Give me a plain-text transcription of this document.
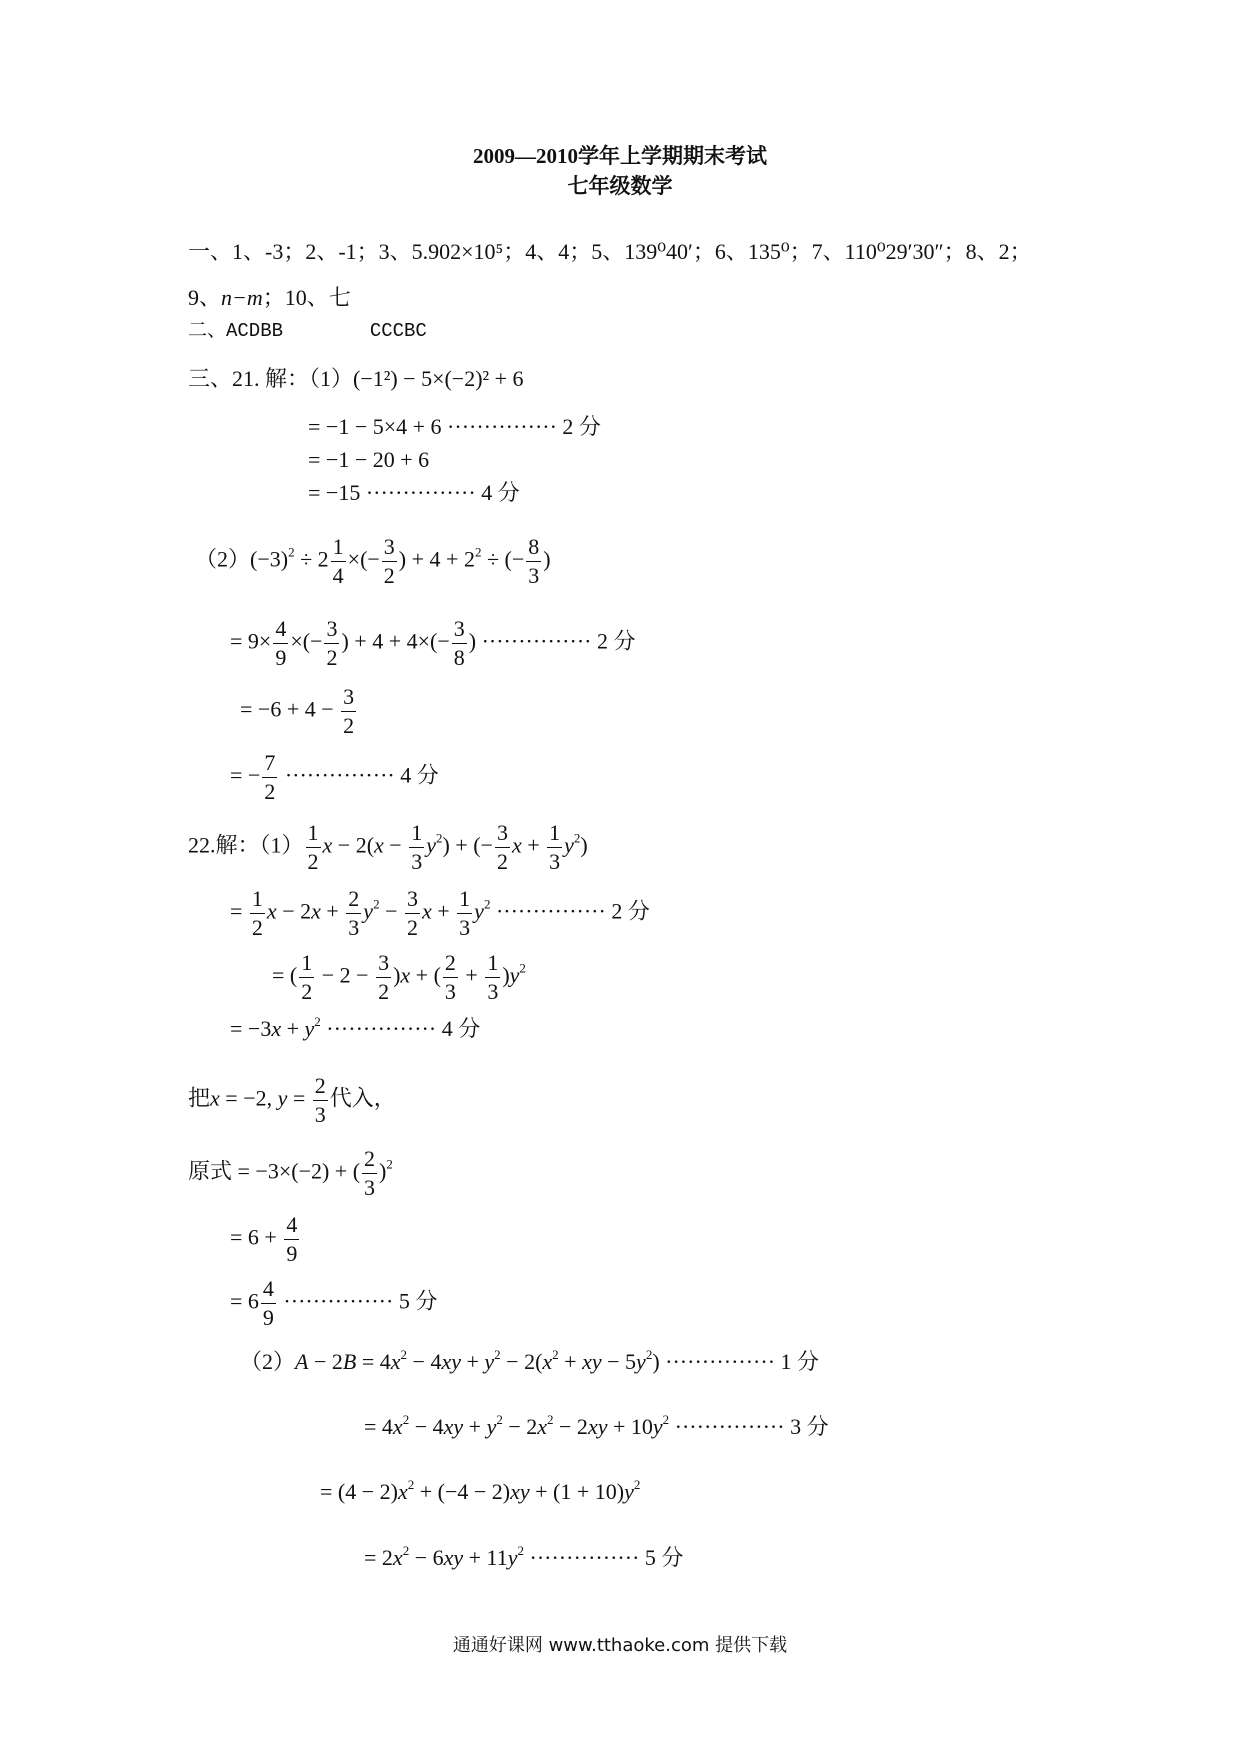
2009—2010学年上学期期末考试
七年级数学
一、1、-3；2、-1；3、5.902×10⁵；4、4；5、139⁰40′；6、135⁰；7、110⁰29′30″；8、2；
9、n−m；10、七
二、ACDBB	CCCBC
三、21. 解：（1）(−1²) − 5×(−2)² + 6
= −1 − 5×4 + 6 ··············· 2 分
= −1 − 20 + 6
= −15 ··············· 4 分
$(2)(-3)^2 \div 2 \frac{1}{4}$ ×(− $\frac{3}{2}$ ) + $4 + 2^2$ ÷ (− $\frac{8}{3}$ )
= $9\times \frac{4}{9}$ ×(− $\frac{3}{2}$ ) + $4 + 4\times(- \frac{3}{8}$ ) ··············· 2 分
= $-6 + 4 - \frac{3}{2}$
= − $\frac{7}{2}$ ··············· 4 分
22.解：$(1) \frac{1}{2}$ $x - 2(x - \frac{1}{3} y^2)$ + (− $\frac{3}{2}$ $x + \frac{1}{3} y^2$)
= $\frac{1}{2}$ $x - 2x + \frac{2}{3} y^2 - \frac{3}{2}$ $x + \frac{1}{3} y^2$ ··············· 2 分
= ( $\frac{1}{2} - 2 - \frac{3}{2} )x$ + ( $\frac{2}{3} + \frac{1}{3} )y^2$
= $-3x + y^2$ ··············· 4 分
把x = −2, $y = \frac{2}{3}$ 代入，
原式 = −3×(−2) + ( $\frac{2}{3} )^2$
= $6 + \frac{4}{9}$
= $6 \frac{4}{9}$ ··············· 5 分
$(2)A - 2B = 4x^2 - 4xy + y^2 - 2(x^2$ + xy − $5y^2$) ··············· 1 分
= $4x^2 - 4xy + y^2 - 2x^2 - 2xy + 10y^2$ ··············· 3 分
= $(4 - 2)x^2 + (-4 - 2)xy + (1 + 10)y^2$
= $2x^2 - 6xy + 11y^2$ ··············· 5 分
通通好课网 www.tthaoke.com 提供下载
